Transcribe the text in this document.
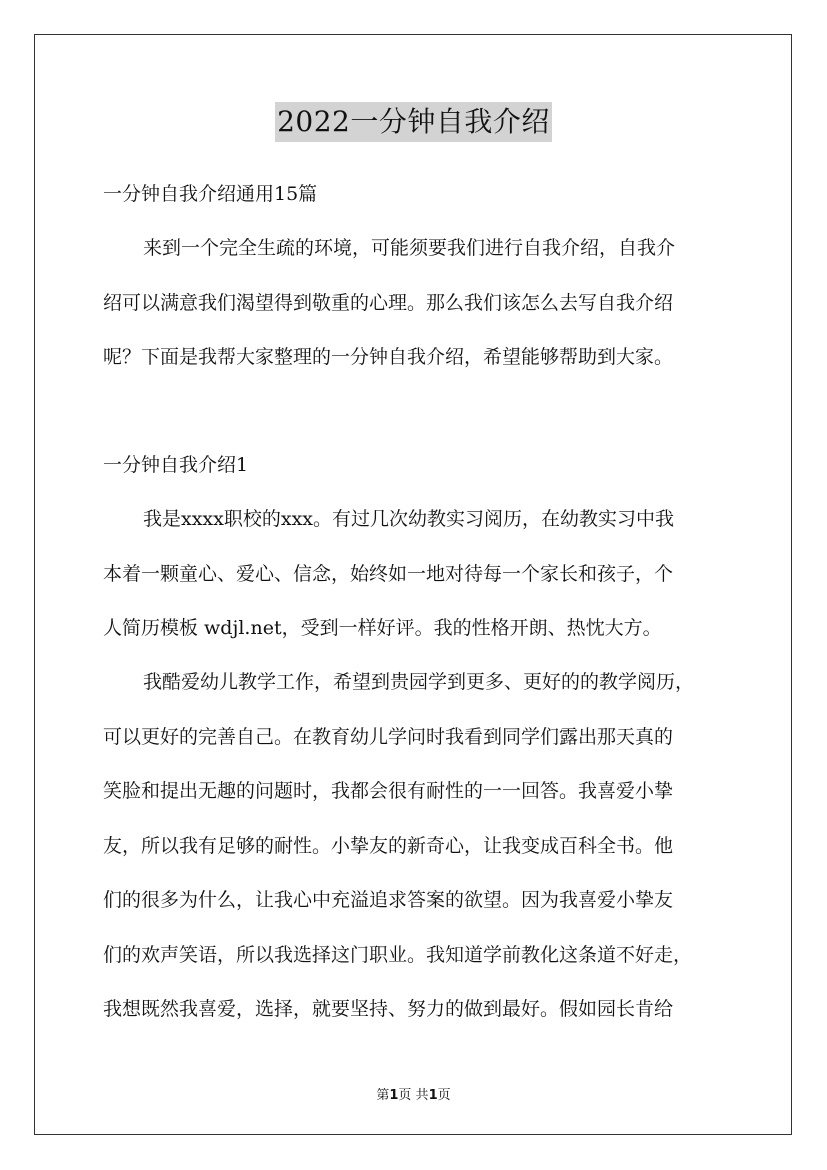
2022一分钟自我介绍
一分钟自我介绍通用15篇
来到一个完全生疏的环境，可能须要我们进行自我介绍，自我介
绍可以满意我们渴望得到敬重的心理。那么我们该怎么去写自我介绍
呢？下面是我帮大家整理的一分钟自我介绍，希望能够帮助到大家。
一分钟自我介绍1
我是xxxx职校的xxx。有过几次幼教实习阅历，在幼教实习中我
本着一颗童心、爱心、信念，始终如一地对待每一个家长和孩子，个
人简历模板 wdjl.net，受到一样好评。我的性格开朗、热忱大方。
我酷爱幼儿教学工作，希望到贵园学到更多、更好的的教学阅历，
可以更好的完善自己。在教育幼儿学问时我看到同学们露出那天真的
笑脸和提出无趣的问题时，我都会很有耐性的一一回答。我喜爱小挚
友，所以我有足够的耐性。小挚友的新奇心，让我变成百科全书。他
们的很多为什么，让我心中充溢追求答案的欲望。因为我喜爱小挚友
们的欢声笑语，所以我选择这门职业。我知道学前教化这条道不好走，
我想既然我喜爱，选择，就要坚持、努力的做到最好。假如园长肯给
第1页 共1页
